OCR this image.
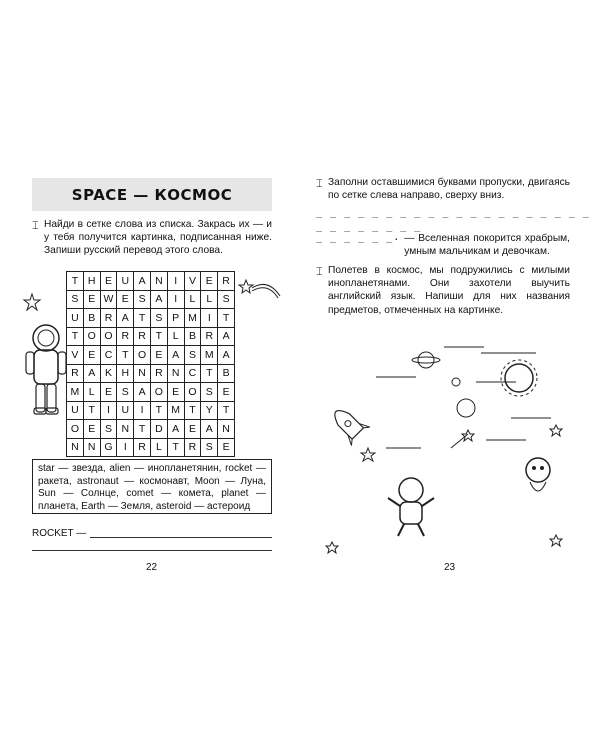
SPACE — КОСМОС
⌶ Найди в сетке слова из списка. Закрась их — и у тебя получится картинка, подписанная ниже. Запиши русский перевод этого слова.
T	H	E	U	A	N	I	V	E	R
S	E	W	E	S	A	I	L	L	S
U	B	R	A	T	S	P	M	I	T
T	O	O	R	R	T	L	B	R	A
V	E	C	T	O	E	A	S	M	A
R	A	K	H	N	R	N	C	T	B
M	L	E	S	A	O	E	O	S	E
U	T	I	U	I	T	M	T	Y	T
O	E	S	N	T	D	A	E	A	N
N	N	G	I	R	L	T	R	S	E
star — звезда, alien — инопланетянин, rocket — ракета, astronaut — космонавт, Moon — Луна, Sun — Солнце, comet — комета, planet — планета, Earth — Земля, asteroid — астероид
ROCKET —
22
⌶ Заполни оставшимися буквами пропуски, двигаясь по сетке слева направо, сверху вниз.
_ _ _ _ _ _ _ _ _ _ _ _ _ _ _ _ _ _ _ _
_ _ _ _ _ _ _ _
_ _ _ _ _ _. — Вселенная покорится храбрым, умным мальчикам и девочкам.
⌶ Полетев в космос, мы подружились с милыми инопланетянами. Они захотели выучить английский язык. Напиши для них названия предметов, отмеченных на картинке.
23
